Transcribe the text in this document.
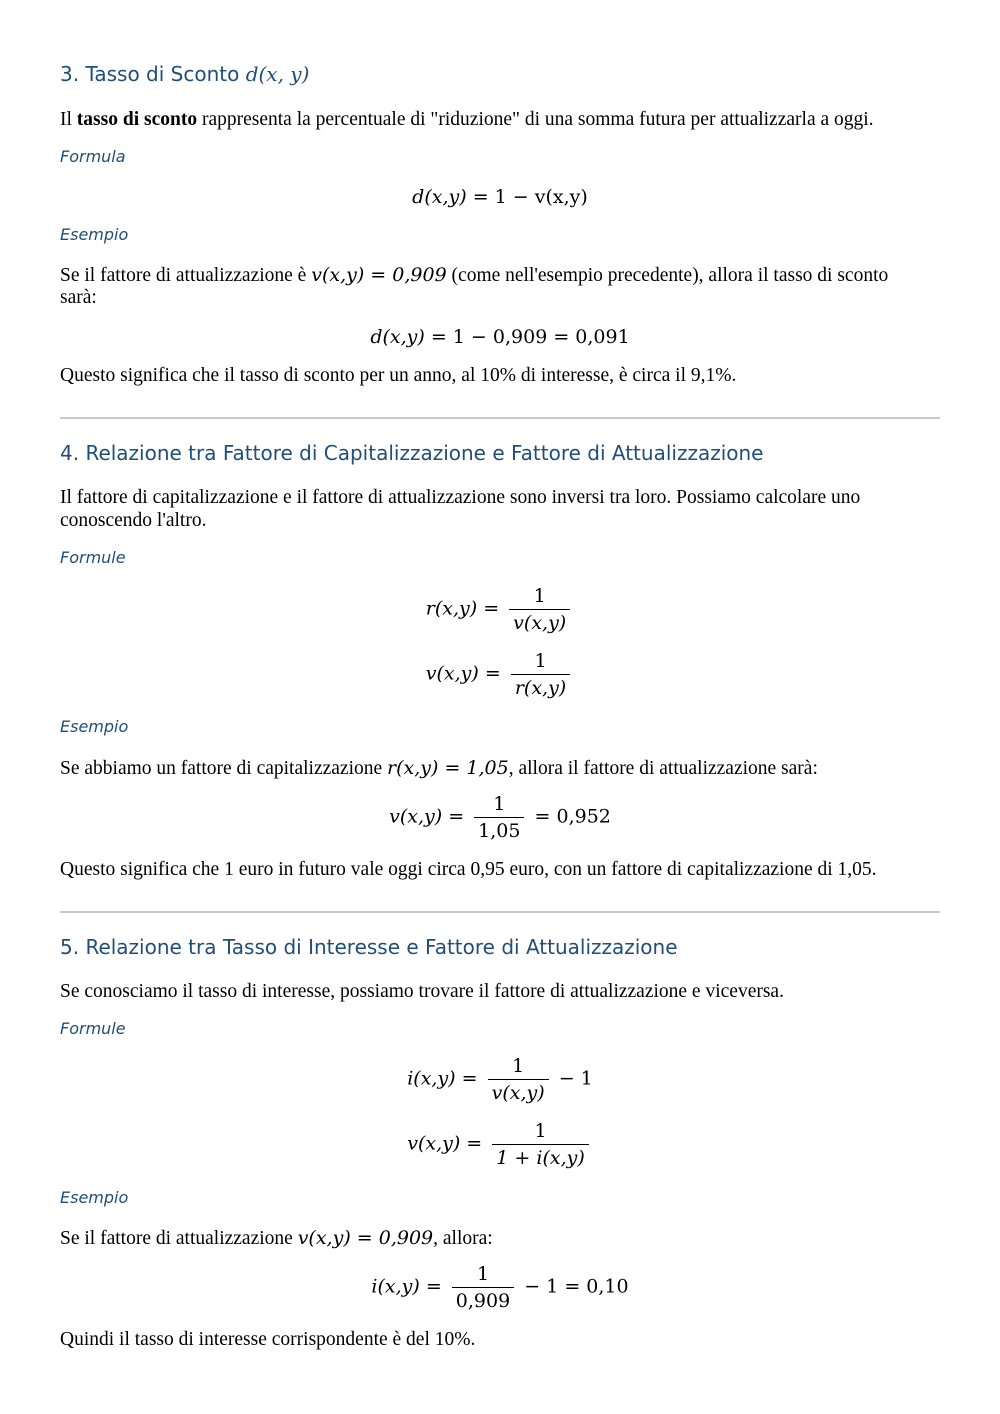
3. Tasso di Sconto d(x, y)
Il tasso di sconto rappresenta la percentuale di "riduzione" di una somma futura per attualizzarla a oggi.
Formula
d(x,y) = 1 − v(x,y)
Esempio
Se il fattore di attualizzazione è v(x,y) = 0,909 (come nell'esempio precedente), allora il tasso di sconto
sarà:
d(x,y) = 1 − 0,909 = 0,091
Questo significa che il tasso di sconto per un anno, al 10% di interesse, è circa il 9,1%.
4. Relazione tra Fattore di Capitalizzazione e Fattore di Attualizzazione
Il fattore di capitalizzazione e il fattore di attualizzazione sono inversi tra loro. Possiamo calcolare uno
conoscendo l'altro.
Formule
$r(x,y) = \frac{1}{v(x,y)}$
$v(x,y) = \frac{1}{r(x,y)}$
Esempio
Se abbiamo un fattore di capitalizzazione r(x,y) = 1,05, allora il fattore di attualizzazione sarà:
$v(x,y) = \frac{1}{1,05} = 0,952$
Questo significa che 1 euro in futuro vale oggi circa 0,95 euro, con un fattore di capitalizzazione di 1,05.
5. Relazione tra Tasso di Interesse e Fattore di Attualizzazione
Se conosciamo il tasso di interesse, possiamo trovare il fattore di attualizzazione e viceversa.
Formule
$i(x,y) = \frac{1}{v(x,y)} - 1$
$v(x,y) = \frac{1}{1 + i(x,y)}$
Esempio
Se il fattore di attualizzazione v(x,y) = 0,909, allora:
$i(x,y) = \frac{1}{0,909} - 1 = 0,10$
Quindi il tasso di interesse corrispondente è del 10%.
